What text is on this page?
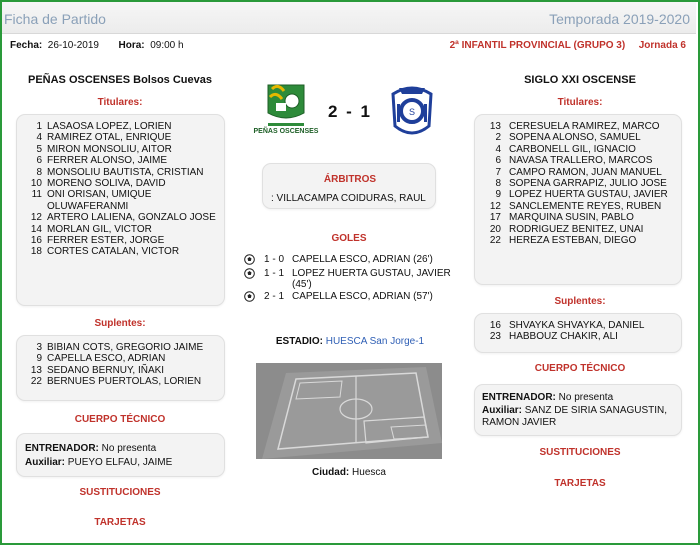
Ficha de Partido	Temporada 2019-2020
Fecha: 26-10-2019 Hora: 09:00 h	2ª INFANTIL PROVINCIAL (GRUPO 3) Jornada 6
PEÑAS OSCENSES Bolsos Cuevas
Titulares:
1 LASAOSA LOPEZ, LORIEN
4 RAMIREZ OTAL, ENRIQUE
5 MIRON MONSOLIU, AITOR
6 FERRER ALONSO, JAIME
8 MONSOLIU BAUTISTA, CRISTIAN
10 MORENO SOLIVA, DAVID
11 ONI ORISAN, UMIQUE OLUWAFERANMI
12 ARTERO LALIENA, GONZALO JOSE
14 MORLAN GIL, VICTOR
16 FERRER ESTER, JORGE
18 CORTES CATALAN, VICTOR
Suplentes:
3 BIBIAN COTS, GREGORIO JAIME
9 CAPELLA ESCO, ADRIAN
13 SEDANO BERNUY, IÑAKI
22 BERNUES PUERTOLAS, LORIEN
CUERPO TÉCNICO
ENTRENADOR: No presenta
Auxiliar: PUEYO ELFAU, JAIME
SUSTITUCIONES
TARJETAS
PEÑAS OSCENSES
2 - 1	S
ÁRBITROS
: VILLACAMPA COIDURAS, RAUL
GOLES
1 - 0 CAPELLA ESCO, ADRIAN (26')
1 - 1 LOPEZ HUERTA GUSTAU, JAVIER (45')
2 - 1 CAPELLA ESCO, ADRIAN (57')
ESTADIO: HUESCA San Jorge-1
Ciudad: Huesca
SIGLO XXI OSCENSE
Titulares:
13 CERESUELA RAMIREZ, MARCO
2 SOPENA ALONSO, SAMUEL
4 CARBONELL GIL, IGNACIO
6 NAVASA TRALLERO, MARCOS
7 CAMPO RAMON, JUAN MANUEL
8 SOPENA GARRAPIZ, JULIO JOSE
9 LOPEZ HUERTA GUSTAU, JAVIER
12 SANCLEMENTE REYES, RUBEN
17 MARQUINA SUSIN, PABLO
20 RODRIGUEZ BENITEZ, UNAI
22 HEREZA ESTEBAN, DIEGO
Suplentes:
16 SHVAYKA SHVAYKA, DANIEL
23 HABBOUZ CHAKIR, ALI
CUERPO TÉCNICO
ENTRENADOR: No presenta
Auxiliar: SANZ DE SIRIA SANAGUSTIN, RAMON JAVIER
SUSTITUCIONES
TARJETAS
